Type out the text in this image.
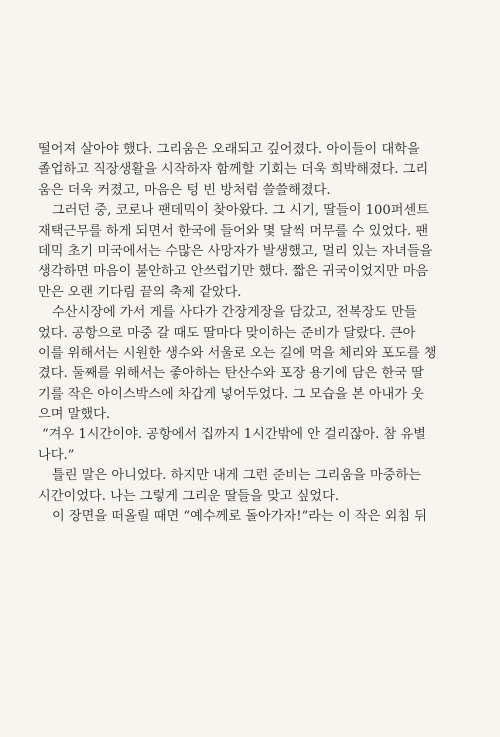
떨어져 살아야 했다. 그리움은 오래되고 깊어졌다. 아이들이 대학을
졸업하고 직장생활을 시작하자 함께할 기회는 더욱 희박해졌다. 그리
움은 더욱 커졌고, 마음은 텅 빈 방처럼 쓸쓸해졌다.
그러던 중, 코로나 팬데믹이 찾아왔다. 그 시기, 딸들이 100퍼센트
재택근무를 하게 되면서 한국에 들어와 몇 달씩 머무를 수 있었다. 팬
데믹 초기 미국에서는 수많은 사망자가 발생했고, 멀리 있는 자녀들을
생각하면 마음이 불안하고 안쓰럽기만 했다. 짧은 귀국이었지만 마음
만은 오랜 기다림 끝의 축제 같았다.
수산시장에 가서 게를 사다가 간장게장을 담갔고, 전복장도 만들
었다. 공항으로 마중 갈 때도 딸마다 맞이하는 준비가 달랐다. 큰아
이를 위해서는 시원한 생수와 서울로 오는 길에 먹을 체리와 포도를 챙
겼다. 둘째를 위해서는 좋아하는 탄산수와 포장 용기에 담은 한국 딸
기를 작은 아이스박스에 차갑게 넣어두었다. 그 모습을 본 아내가 웃
으며 말했다.
“겨우 1시간이야. 공항에서 집까지 1시간밖에 안 걸리잖아. 참 유별
나다.”
틀린 말은 아니었다. 하지만 내게 그런 준비는 그리움을 마중하는
시간이었다. 나는 그렇게 그리운 딸들을 맞고 싶었다.
이 장면을 떠올릴 때면 “예수께로 돌아가자!”라는 이 작은 외침 뒤
